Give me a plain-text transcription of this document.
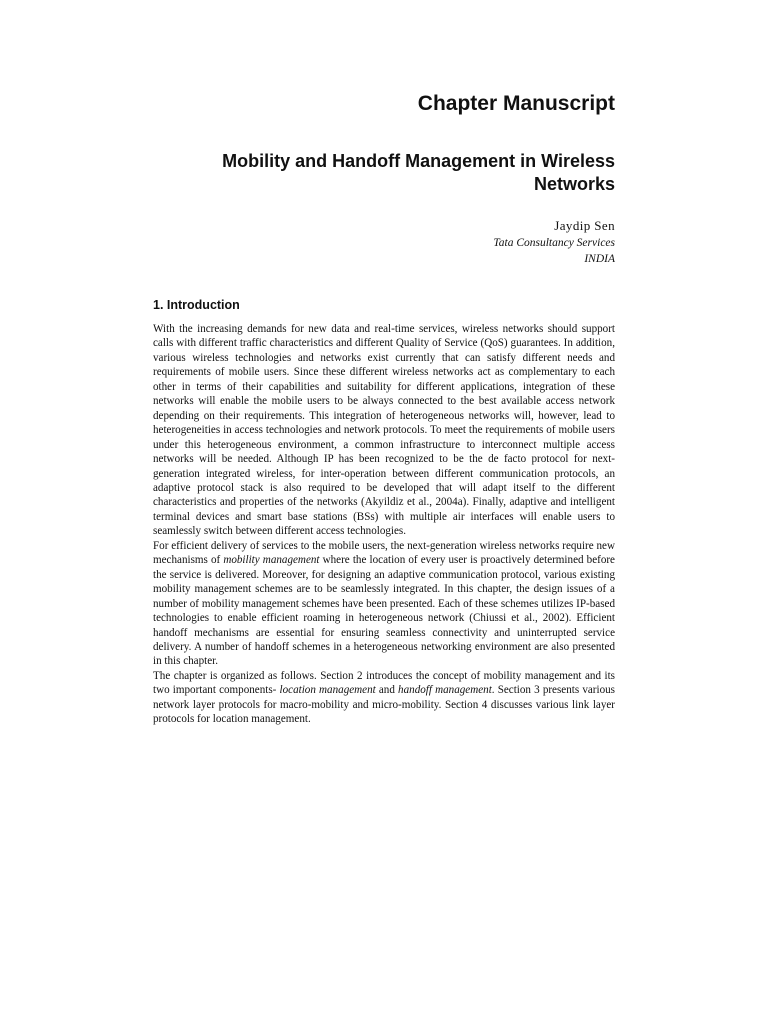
Chapter Manuscript
Mobility and Handoff Management in Wireless Networks
Jaydip Sen
Tata Consultancy Services
INDIA
1. Introduction

With the increasing demands for new data and real-time services, wireless networks should support calls with different traffic characteristics and different Quality of Service (QoS) guarantees. In addition, various wireless technologies and networks exist currently that can satisfy different needs and requirements of mobile users. Since these different wireless networks act as complementary to each other in terms of their capabilities and suitability for different applications, integration of these networks will enable the mobile users to be always connected to the best available access network depending on their requirements. This integration of heterogeneous networks will, however, lead to heterogeneities in access technologies and network protocols. To meet the requirements of mobile users under this heterogeneous environment, a common infrastructure to interconnect multiple access networks will be needed. Although IP has been recognized to be the de facto protocol for next-generation integrated wireless, for inter-operation between different communication protocols, an adaptive protocol stack is also required to be developed that will adapt itself to the different characteristics and properties of the networks (Akyildiz et al., 2004a). Finally, adaptive and intelligent terminal devices and smart base stations (BSs) with multiple air interfaces will enable users to seamlessly switch between different access technologies.

For efficient delivery of services to the mobile users, the next-generation wireless networks require new mechanisms of mobility management where the location of every user is proactively determined before the service is delivered. Moreover, for designing an adaptive communication protocol, various existing mobility management schemes are to be seamlessly integrated. In this chapter, the design issues of a number of mobility management schemes have been presented. Each of these schemes utilizes IP-based technologies to enable efficient roaming in heterogeneous network (Chiussi et al., 2002). Efficient handoff mechanisms are essential for ensuring seamless connectivity and uninterrupted service delivery. A number of handoff schemes in a heterogeneous networking environment are also presented in this chapter.

The chapter is organized as follows. Section 2 introduces the concept of mobility management and its two important components- location management and handoff management. Section 3 presents various network layer protocols for macro-mobility and micro-mobility. Section 4 discusses various link layer protocols for location management.
